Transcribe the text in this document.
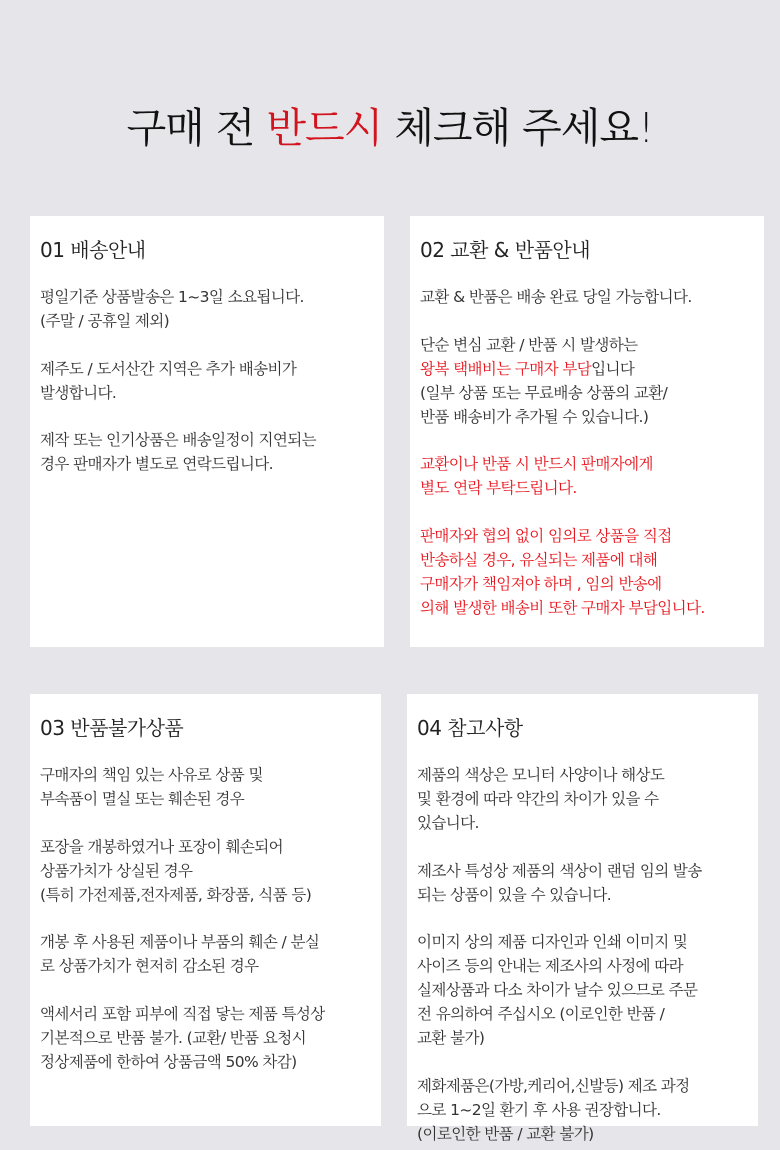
구매 전 반드시 체크해 주세요!
01 배송안내

평일기준 상품발송은 1~3일 소요됩니다.
(주말 / 공휴일 제외)

제주도 / 도서산간 지역은 추가 배송비가
발생합니다.

제작 또는 인기상품은 배송일정이 지연되는
경우 판매자가 별도로 연락드립니다.

02 교환 & 반품안내

교환 & 반품은 배송 완료 당일 가능합니다.

단순 변심 교환 / 반품 시 발생하는
왕복 택배비는 구매자 부담입니다
(일부 상품 또는 무료배송 상품의 교환/
반품 배송비가 추가될 수 있습니다.)

교환이나 반품 시 반드시 판매자에게
별도 연락 부탁드립니다.

판매자와 협의 없이 임의로 상품을 직접
반송하실 경우, 유실되는 제품에 대해
구매자가 책임져야 하며 , 임의 반송에
의해 발생한 배송비 또한 구매자 부담입니다.

03 반품불가상품

구매자의 책임 있는 사유로 상품 및
부속품이 멸실 또는 훼손된 경우

포장을 개봉하였거나 포장이 훼손되어
상품가치가 상실된 경우
(특히 가전제품,전자제품, 화장품, 식품 등)

개봉 후 사용된 제품이나 부품의 훼손 / 분실
로 상품가치가 현저히 감소된 경우

액세서리 포함 피부에 직접 닿는 제품 특성상
기본적으로 반품 불가. (교환/ 반품 요청시
정상제품에 한하여 상품금액 50% 차감)

04 참고사항

제품의 색상은 모니터 사양이나 해상도
및 환경에 따라 약간의 차이가 있을 수
있습니다.

제조사 특성상 제품의 색상이 랜덤 임의 발송
되는 상품이 있을 수 있습니다.

이미지 상의 제품 디자인과 인쇄 이미지 및
사이즈 등의 안내는 제조사의 사정에 따라
실제상품과 다소 차이가 날수 있으므로 주문
전 유의하여 주십시오 (이로인한 반품 /
교환 불가)

제화제품은(가방,케리어,신발등) 제조 과정
으로 1~2일 환기 후 사용 권장합니다.
(이로인한 반품 / 교환 불가)
